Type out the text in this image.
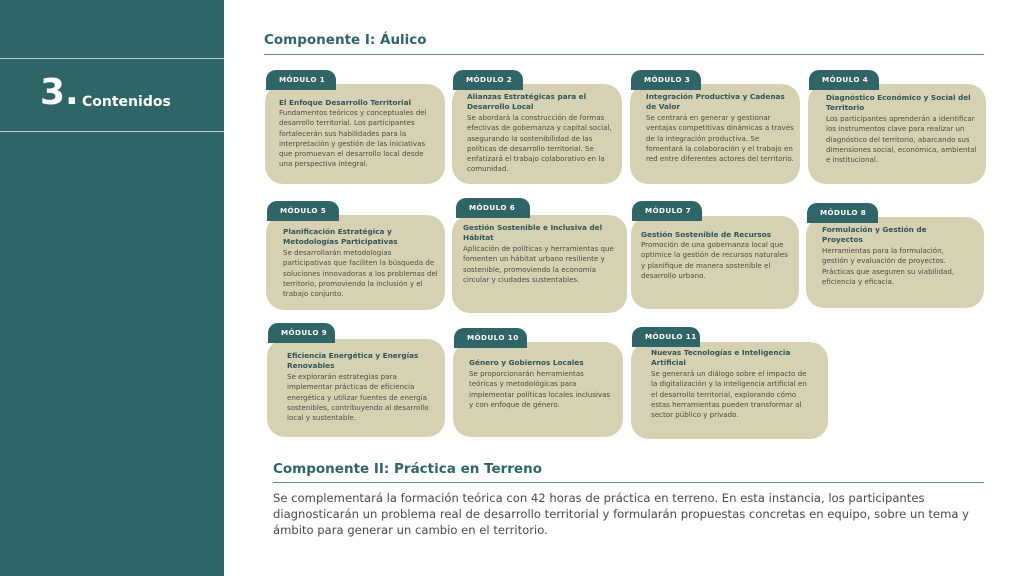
3. Contenidos
Componente I: Áulico
MÓDULO 1
El Enfoque Desarrollo Territorial
Fundamentos teóricos y conceptuales del desarrollo territorial. Los participantes fortalecerán sus habilidades para la interpretación y gestión de las iniciativas que promuevan el desarrollo local desde una perspectiva integral.
MÓDULO 2
Alianzas Estratégicas para el Desarrollo Local
Se abordará la construcción de formas efectivas de gobernanza y capital social, asegurando la sostenibilidad de las políticas de desarrollo territorial. Se enfatizará el trabajo colaborativo en la comunidad.
MÓDULO 3
Integración Productiva y Cadenas de Valor
Se centrará en generar y gestionar ventajas competitivas dinámicas a través de la integración productiva. Se fomentará la colaboración y el trabajo en red entre diferentes actores del territorio.
MÓDULO 4
Diagnóstico Económico y Social del Territorio
Los participantes aprenderán a identificar los instrumentos clave para realizar un diagnóstico del territorio, abarcando sus dimensiones social, económica, ambiental e institucional.
MÓDULO 5
Planificación Estratégica y Metodologías Participativas
Se desarrollarán metodologías participativas que faciliten la búsqueda de soluciones innovadoras a los problemas del territorio, promoviendo la inclusión y el trabajo conjunto.
MÓDULO 6
Gestión Sostenible e Inclusiva del Hábitat
Aplicación de políticas y herramientas que fomenten un hábitat urbano resiliente y sostenible, promoviendo la economía circular y ciudades sustentables.
MÓDULO 7
Gestión Sostenible de Recursos
Promoción de una gobernanza local que optimice la gestión de recursos naturales y planifique de manera sostenible el desarrollo urbano.
MÓDULO 8
Formulación y Gestión de Proyectos
Herramientas para la formulación, gestión y evaluación de proyectos. Prácticas que aseguren su viabilidad, eficiencia y eficacia.
MÓDULO 9
Eficiencia Energética y Energías Renovables
Se explorarán estrategias para implementar prácticas de eficiencia energética y utilizar fuentes de energía sostenibles, contribuyendo al desarrollo local y sustentable.
MÓDULO 10
Género y Gobiernos Locales
Se proporcionarán herramientas teóricas y metodológicas para implementar políticas locales inclusivas y con enfoque de género.
MÓDULO 11
Nuevas Tecnologías e Inteligencia Artificial
Se generará un diálogo sobre el impacto de la digitalización y la inteligencia artificial en el desarrollo territorial, explorando cómo estas herramientas pueden transformar al sector público y privado.
Componente II: Práctica en Terreno
Se complementará la formación teórica con 42 horas de práctica en terreno. En esta instancia, los participantes diagnosticarán un problema real de desarrollo territorial y formularán propuestas concretas en equipo, sobre un tema y ámbito para generar un cambio en el territorio.
